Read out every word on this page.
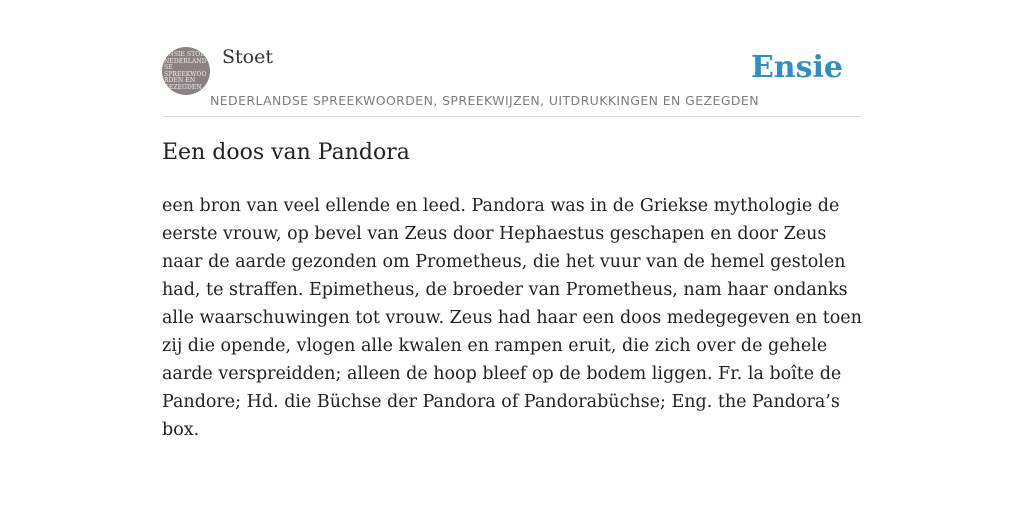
ENSIE STOET NEDERLANDSE SPREEKWOORDEN EN GEZEGDEN
Stoet
NEDERLANDSE SPREEKWOORDEN, SPREEKWIJZEN, UITDRUKKINGEN EN GEZEGDEN
Ensie
Een doos van Pandora

een bron van veel ellende en leed. Pandora was in de Griekse mythologie de eerste vrouw, op bevel van Zeus door Hephaestus geschapen en door Zeus naar de aarde gezonden om Prometheus, die het vuur van de hemel gestolen had, te straffen. Epimetheus, de broeder van Prometheus, nam haar ondanks alle waarschuwingen tot vrouw. Zeus had haar een doos medegegeven en toen zij die opende, vlogen alle kwalen en rampen eruit, die zich over de gehele aarde verspreidden; alleen de hoop bleef op de bodem liggen. Fr. la boîte de Pandore; Hd. die Büchse der Pandora of Pandorabüchse; Eng. the Pandora’s box.
